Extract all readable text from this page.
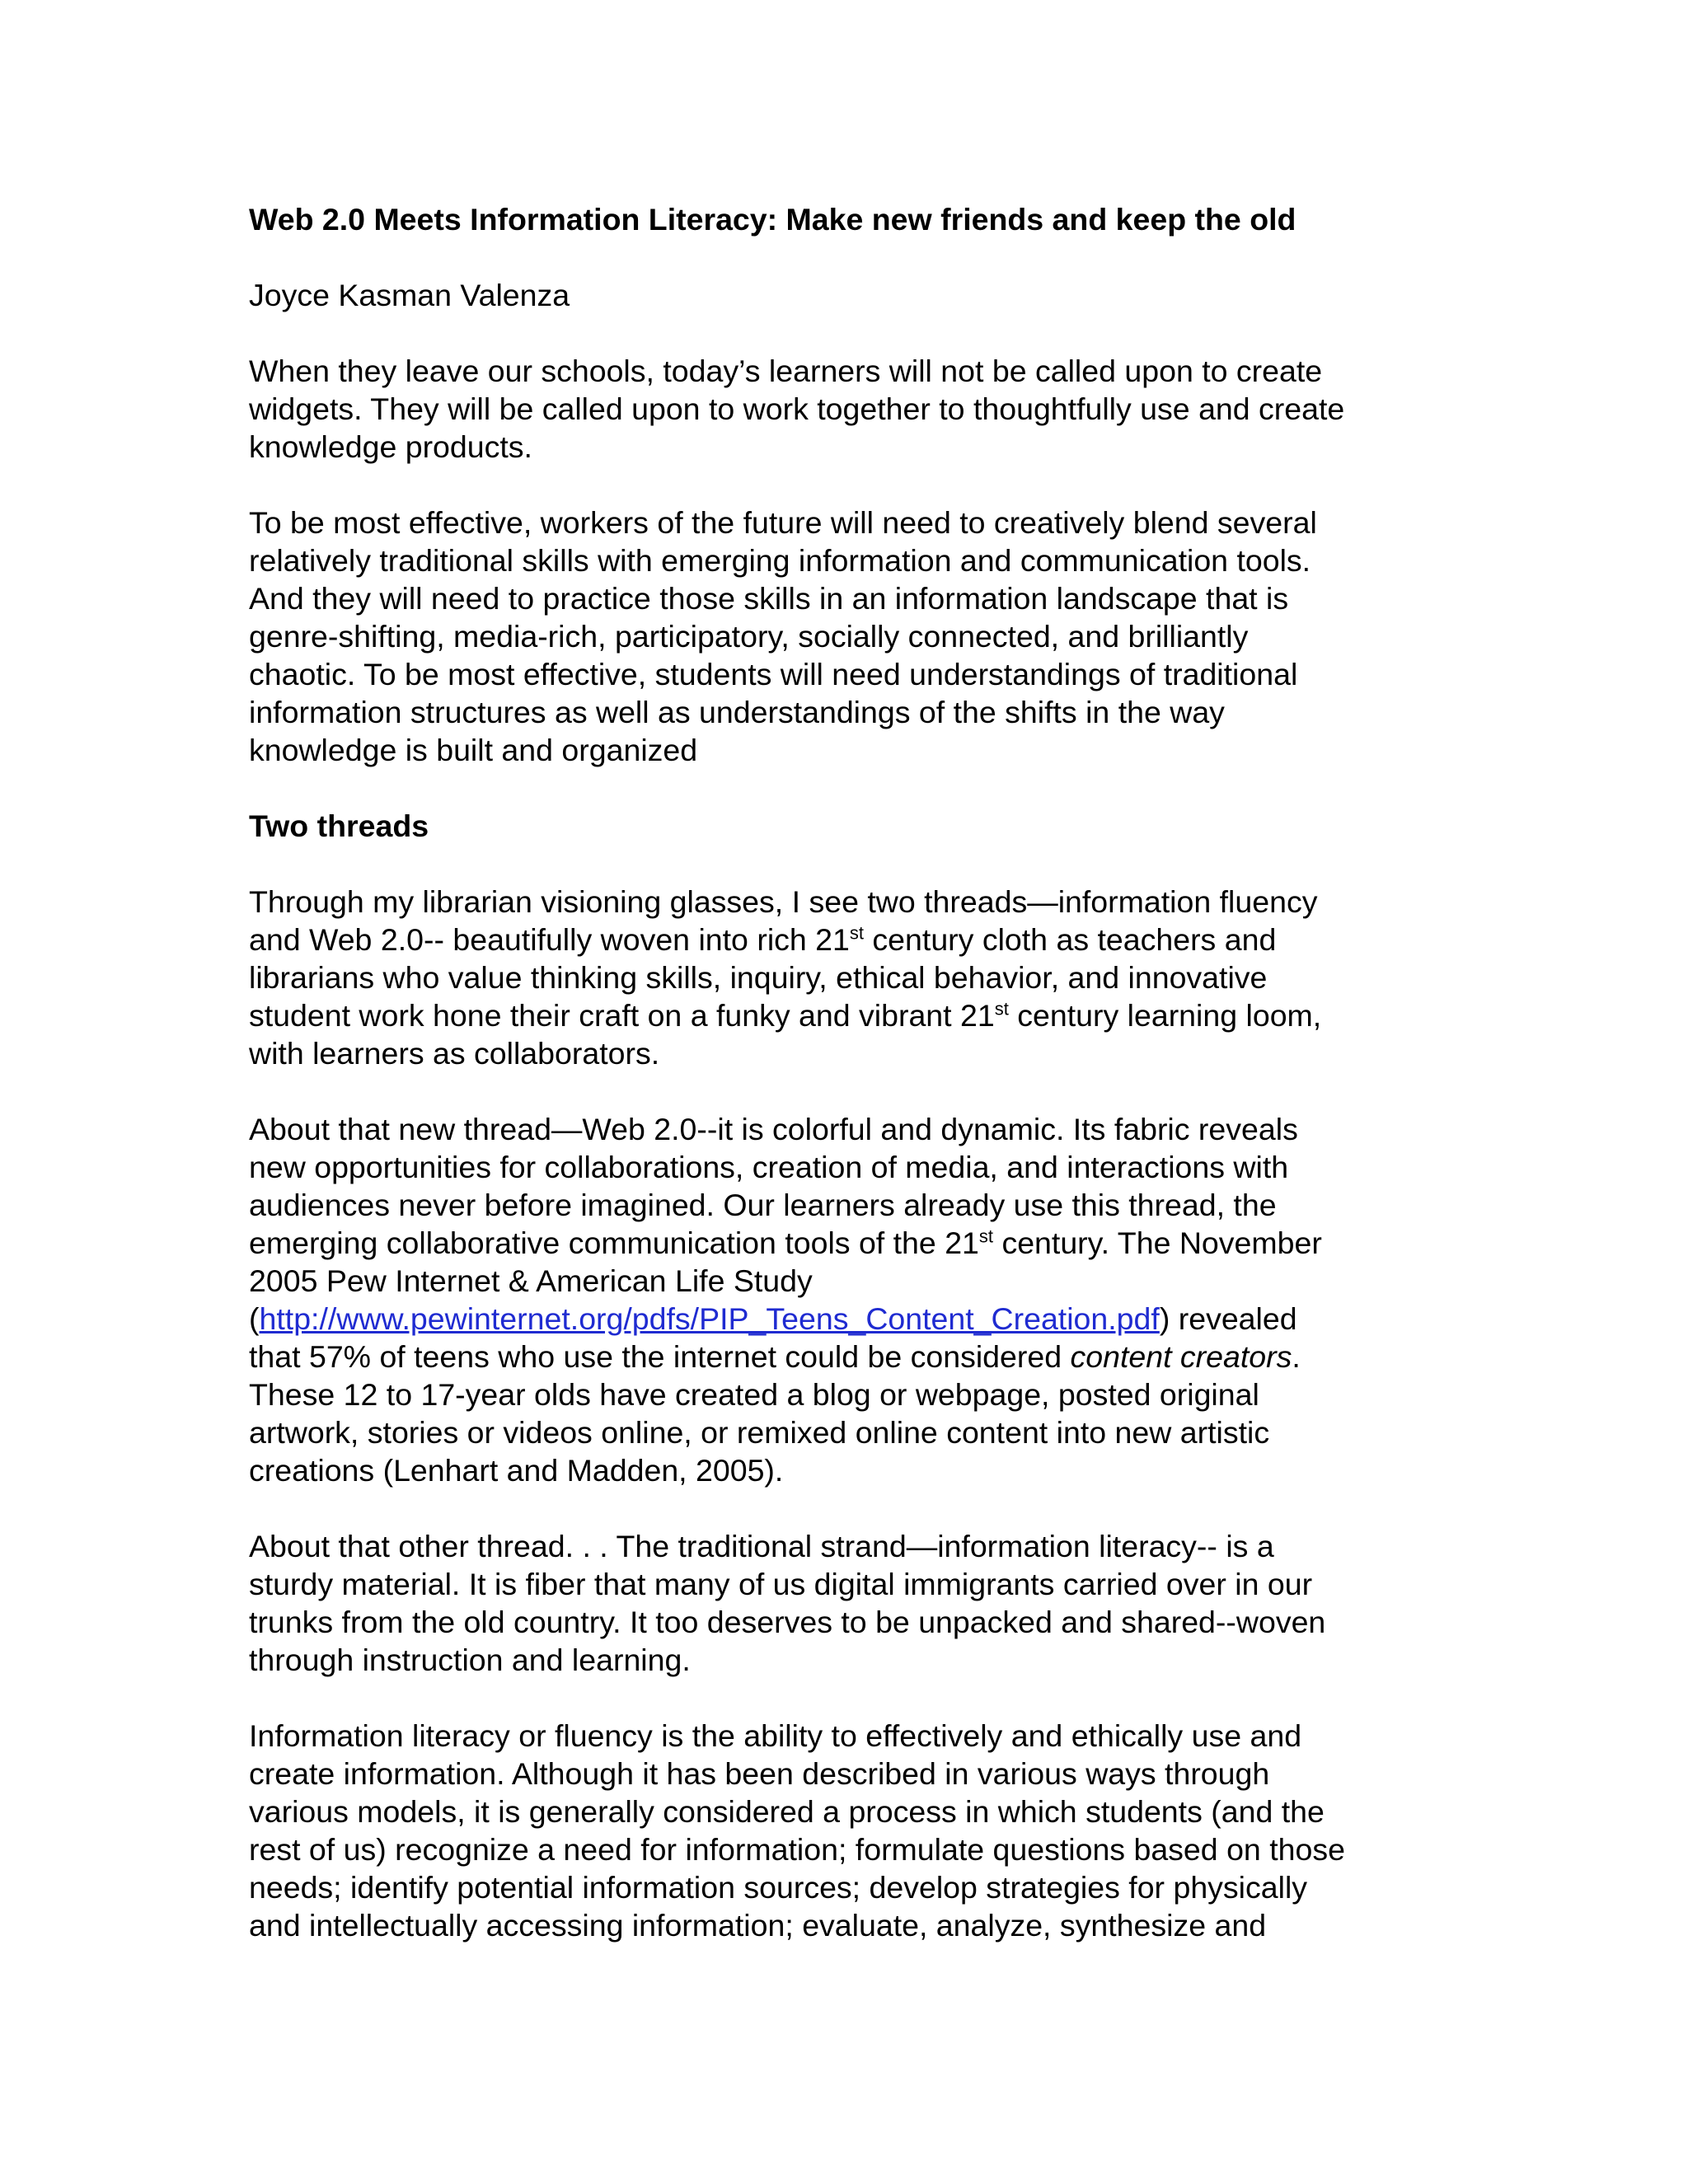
Web 2.0 Meets Information Literacy: Make new friends and keep the old

Joyce Kasman Valenza

When they leave our schools, today’s learners will not be called upon to create

widgets. They will be called upon to work together to thoughtfully use and create

knowledge products.

To be most effective, workers of the future will need to creatively blend several

relatively traditional skills with emerging information and communication tools.

And they will need to practice those skills in an information landscape that is

genre-shifting, media-rich, participatory, socially connected, and brilliantly

chaotic. To be most effective, students will need understandings of traditional

information structures as well as understandings of the shifts in the way

knowledge is built and organized

Two threads

Through my librarian visioning glasses, I see two threads—information fluency

and Web 2.0-- beautifully woven into rich 21st century cloth as teachers and

librarians who value thinking skills, inquiry, ethical behavior, and innovative

student work hone their craft on a funky and vibrant 21st century learning loom,

with learners as collaborators.

About that new thread—Web 2.0--it is colorful and dynamic. Its fabric reveals

new opportunities for collaborations, creation of media, and interactions with

audiences never before imagined. Our learners already use this thread, the

emerging collaborative communication tools of the 21st century. The November

2005 Pew Internet & American Life Study

(http://www.pewinternet.org/pdfs/PIP_Teens_Content_Creation.pdf) revealed

that 57% of teens who use the internet could be considered content creators.

These 12 to 17-year olds have created a blog or webpage, posted original

artwork, stories or videos online, or remixed online content into new artistic

creations (Lenhart and Madden, 2005).

About that other thread. . . The traditional strand—information literacy-- is a

sturdy material. It is fiber that many of us digital immigrants carried over in our

trunks from the old country. It too deserves to be unpacked and shared--woven

through instruction and learning.

Information literacy or fluency is the ability to effectively and ethically use and

create information. Although it has been described in various ways through

various models, it is generally considered a process in which students (and the

rest of us) recognize a need for information; formulate questions based on those

needs; identify potential information sources; develop strategies for physically

and intellectually accessing information; evaluate, analyze, synthesize and
